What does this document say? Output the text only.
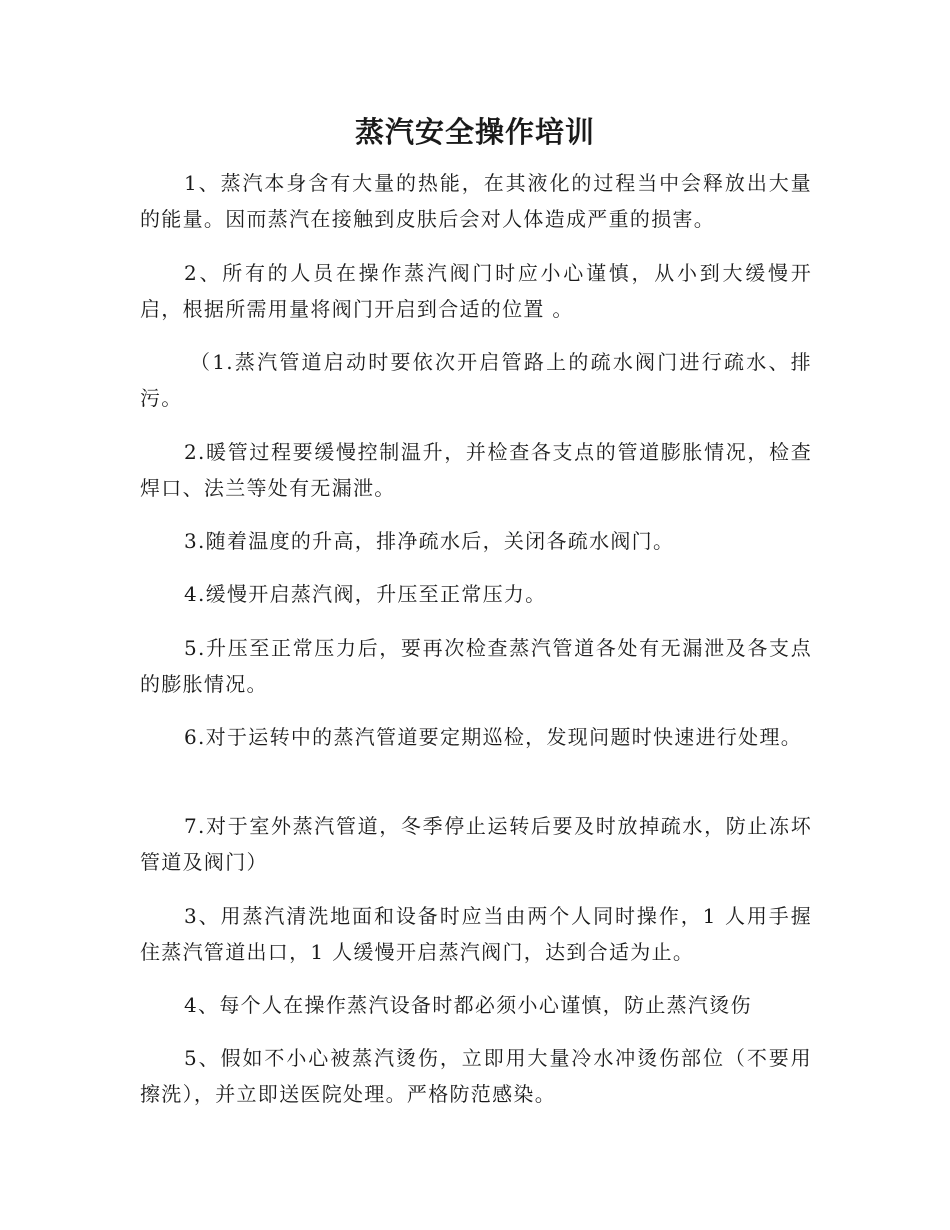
蒸汽安全操作培训
1、蒸汽本身含有大量的热能，在其液化的过程当中会释放出大量的能量。因而蒸汽在接触到皮肤后会对人体造成严重的损害。
2、所有的人员在操作蒸汽阀门时应小心谨慎，从小到大缓慢开启，根据所需用量将阀门开启到合适的位置 。
（1.蒸汽管道启动时要依次开启管路上的疏水阀门进行疏水、排污。
2.暖管过程要缓慢控制温升，并检查各支点的管道膨胀情况，检查焊口、法兰等处有无漏泄。
3.随着温度的升高，排净疏水后，关闭各疏水阀门。
4.缓慢开启蒸汽阀，升压至正常压力。
5.升压至正常压力后，要再次检查蒸汽管道各处有无漏泄及各支点的膨胀情况。
6.对于运转中的蒸汽管道要定期巡检，发现问题时快速进行处理。
7.对于室外蒸汽管道，冬季停止运转后要及时放掉疏水，防止冻坏管道及阀门）
3、用蒸汽清洗地面和设备时应当由两个人同时操作，1 人用手握住蒸汽管道出口，1 人缓慢开启蒸汽阀门，达到合适为止。
4、每个人在操作蒸汽设备时都必须小心谨慎，防止蒸汽烫伤
5、假如不小心被蒸汽烫伤，立即用大量冷水冲烫伤部位（不要用擦洗），并立即送医院处理。严格防范感染。
